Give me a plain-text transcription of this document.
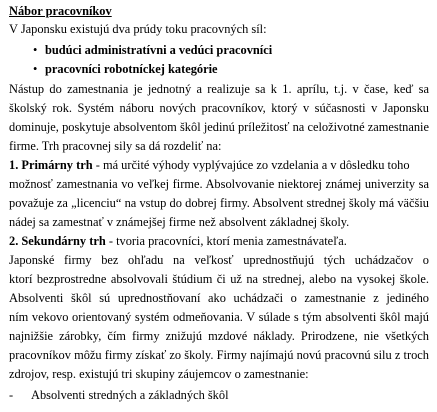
Nábor pracovníkov
V Japonsku existujú dva prúdy toku pracovných síl:
• budúci administratívni a vedúci pracovníci
• pracovníci robotníckej kategórie
Nástup do zamestnania je jednotný a realizuje sa k 1. aprílu, t.j. v čase, keď sa
školský rok. Systém náboru nových pracovníkov, ktorý v súčasnosti v Japonsku
dominuje, poskytuje absolventom škôl jedinú príležitosť na celoživotné zamestnanie
firme. Trh pracovnej sily sa dá rozdeliť na:
1. Primárny trh - má určité výhody vyplývajúce zo vzdelania a v dôsledku toho
možnosť zamestnania vo veľkej firme. Absolvovanie niektorej známej univerzity sa
považuje za „licenciu“ na vstup do dobrej firmy. Absolvent strednej školy má väčšiu
nádej sa zamestnať v známejšej firme než absolvent základnej školy.
2. Sekundárny trh - tvoria pracovníci, ktorí menia zamestnávateľa.
Japonské firmy bez ohľadu na veľkosť uprednostňujú tých uchádzačov o
ktorí bezprostredne absolvovali štúdium či už na strednej, alebo na vysokej škole.
Absolventi škôl sú uprednostňovaní ako uchádzači o zamestnanie z jediného
ním vekovo orientovaný systém odmeňovania. V súlade s tým absolventi škôl majú
najnižšie zárobky, čím firmy znižujú mzdové náklady. Prirodzene, nie všetkých
pracovníkov môžu firmy získať zo školy. Firmy najímajú novú pracovnú silu z troch
zdrojov, resp. existujú tri skupiny záujemcov o zamestnanie:
- Absolventi stredných a základných škôl
